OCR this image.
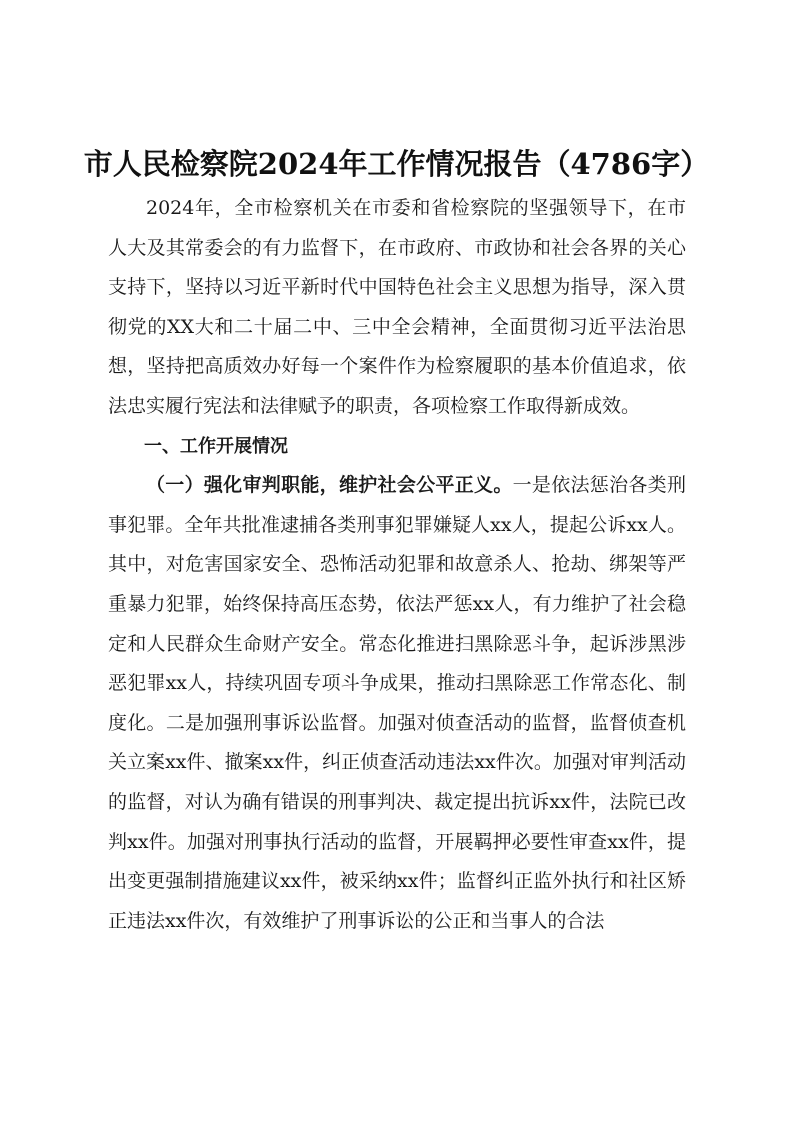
市人民检察院2024年工作情况报告（4786字）

2024年，全市检察机关在市委和省检察院的坚强领导下，在市人大及其常委会的有力监督下，在市政府、市政协和社会各界的关心支持下，坚持以习近平新时代中国特色社会主义思想为指导，深入贯彻党的XX大和二十届二中、三中全会精神，全面贯彻习近平法治思想，坚持把高质效办好每一个案件作为检察履职的基本价值追求，依法忠实履行宪法和法律赋予的职责，各项检察工作取得新成效。

一、工作开展情况

（一）强化审判职能，维护社会公平正义。一是依法惩治各类刑事犯罪。全年共批准逮捕各类刑事犯罪嫌疑人xx人，提起公诉xx人。其中，对危害国家安全、恐怖活动犯罪和故意杀人、抢劫、绑架等严重暴力犯罪，始终保持高压态势，依法严惩xx人，有力维护了社会稳定和人民群众生命财产安全。常态化推进扫黑除恶斗争，起诉涉黑涉恶犯罪xx人，持续巩固专项斗争成果，推动扫黑除恶工作常态化、制度化。二是加强刑事诉讼监督。加强对侦查活动的监督，监督侦查机关立案xx件、撤案xx件，纠正侦查活动违法xx件次。加强对审判活动的监督，对认为确有错误的刑事判决、裁定提出抗诉xx件，法院已改判xx件。加强对刑事执行活动的监督，开展羁押必要性审查xx件，提出变更强制措施建议xx件，被采纳xx件；监督纠正监外执行和社区矫正违法xx件次，有效维护了刑事诉讼的公正和当事人的合法
